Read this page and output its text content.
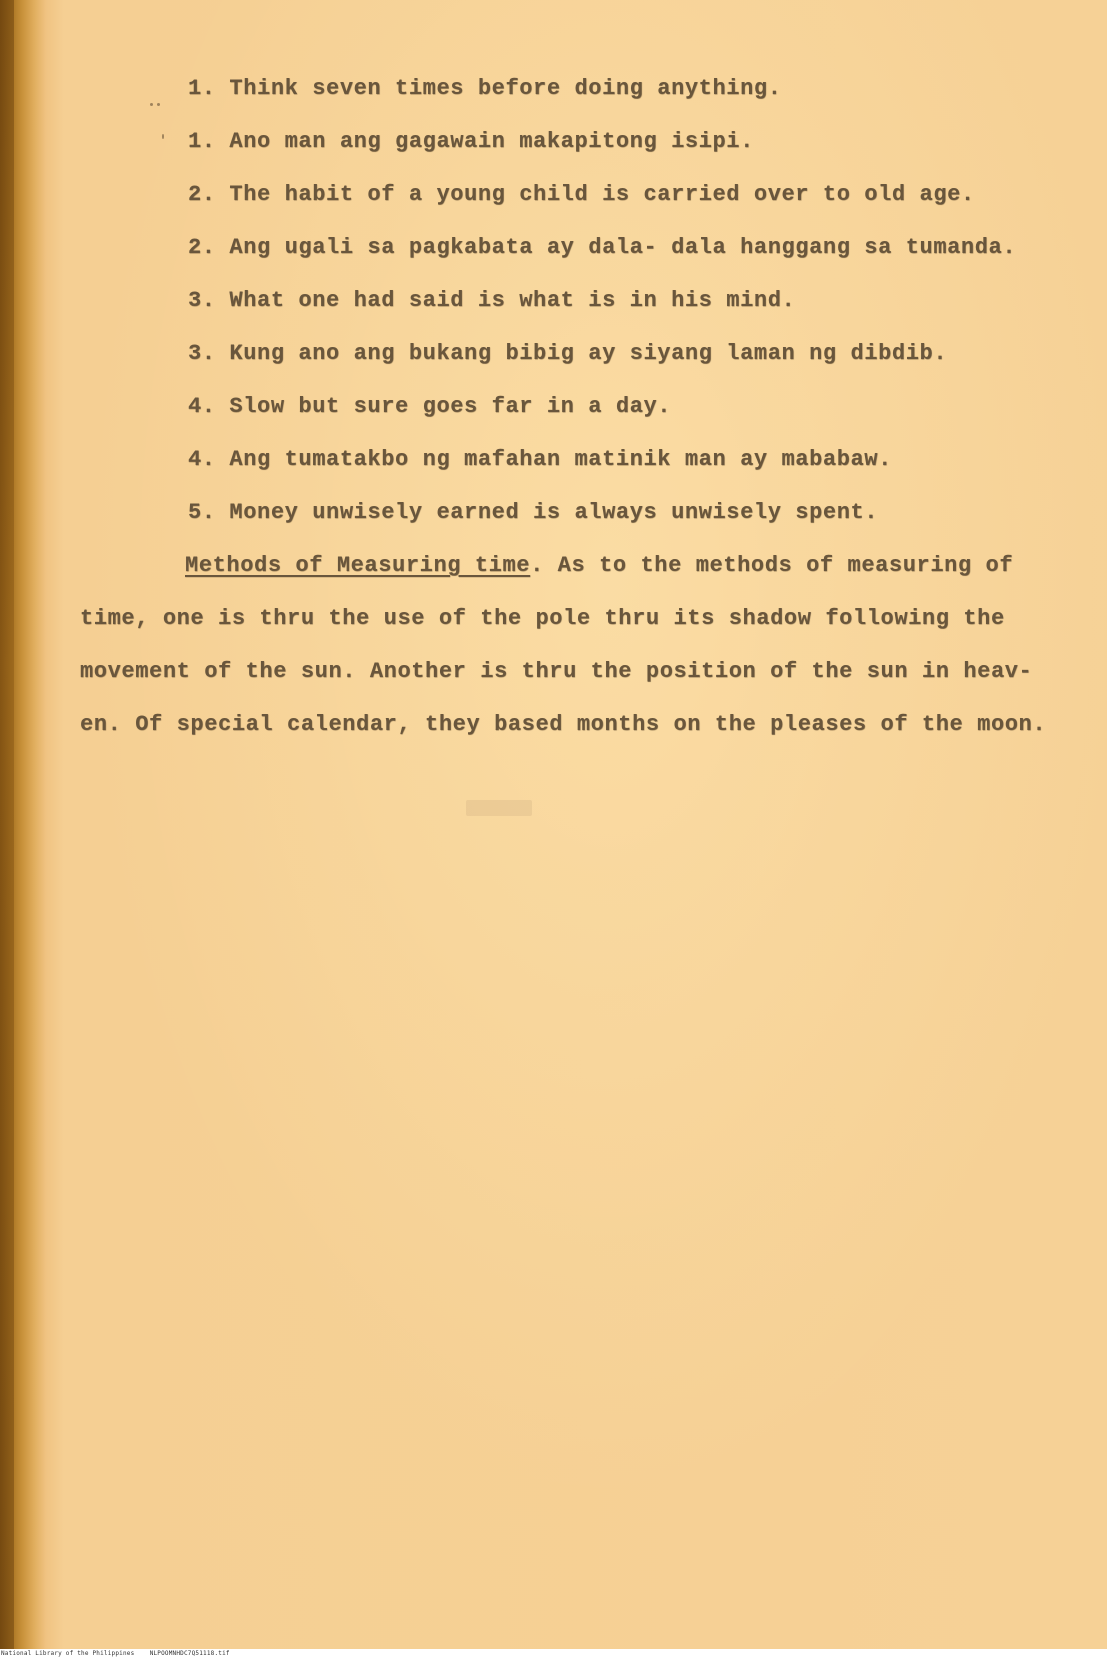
1. Think seven times before doing anything.
1. Ano man ang gagawain makapitong isipi.
2. The habit of a young child is carried over to old age.
2. Ang ugali sa pagkabata ay dala- dala hanggang sa tumanda.
3. What one had said is what is in his mind.
3. Kung ano ang bukang bibig ay siyang laman ng dibdib.
4. Slow but sure goes far in a day.
4. Ang tumatakbo ng mafahan matinik man ay mababaw.
5. Money unwisely earned is always unwisely spent.
Methods of Measuring time. As to the methods of measuring of
time, one is thru the use of the pole thru its shadow following the
movement of the sun. Another is thru the position of the sun in heav-
en. Of special calendar, they based months on the pleases of the moon.
National Library of the Philippines	NLPOOMNHDC7Q51118.tif
